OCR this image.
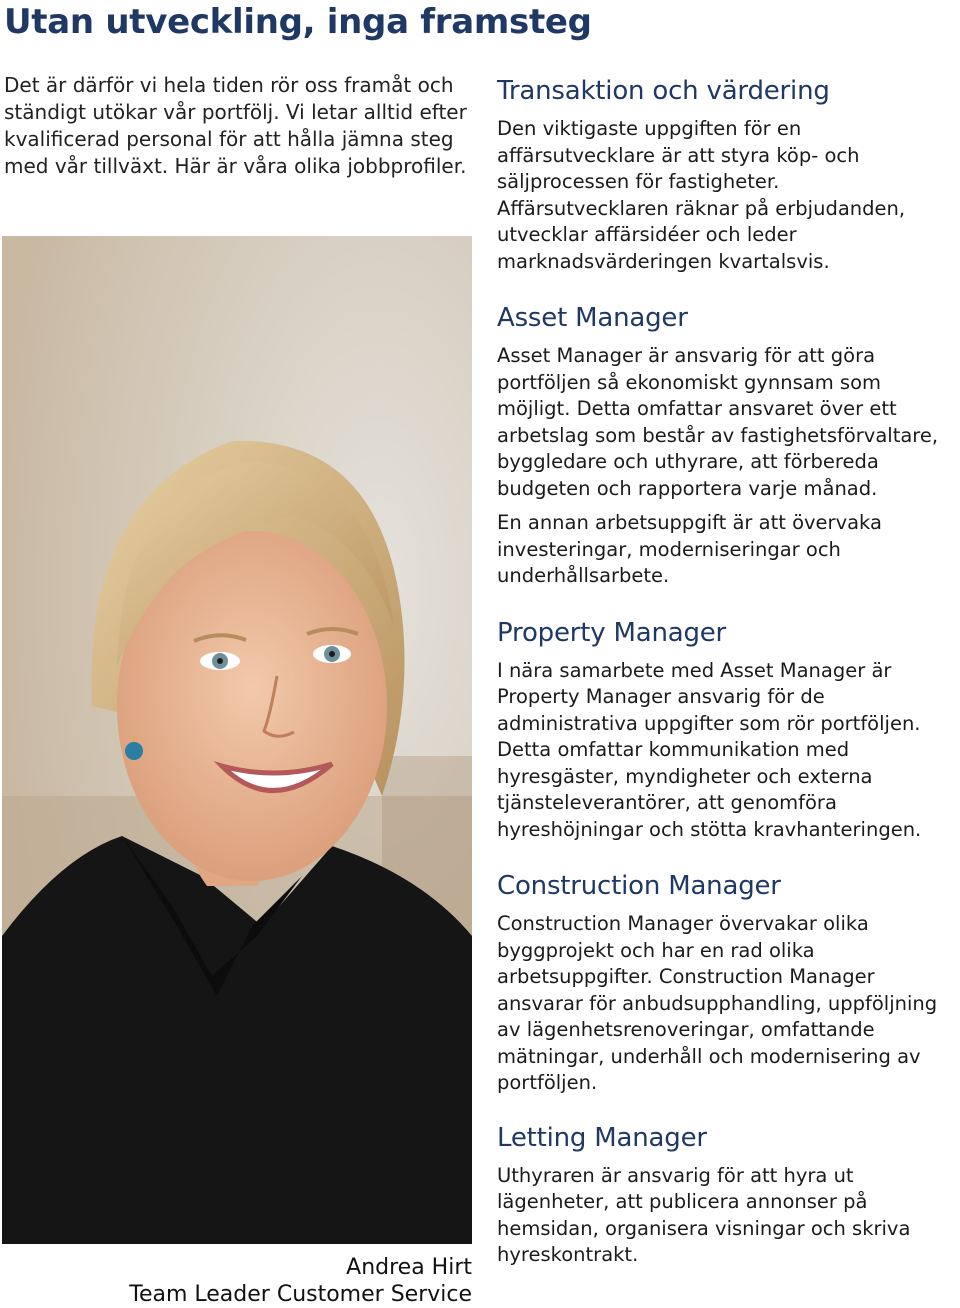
Utan utveckling, inga framsteg
Det är därför vi hela tiden rör oss framåt och ständigt utökar vår portfölj. Vi letar alltid efter kvalificerad personal för att hålla jämna steg med vår tillväxt. Här är våra olika jobbprofiler.
Andrea Hirt
Team Leader Customer Service
Transaktion och värdering

Den viktigaste uppgiften för en affärsutvecklare är att styra köp- och säljprocessen för fastigheter. Affärsutvecklaren räknar på erbjudanden, utvecklar affärsidéer och leder marknadsvärderingen kvartalsvis.

Asset Manager

Asset Manager är ansvarig för att göra portföljen så ekonomiskt gynnsam som möjligt. Detta omfattar ansvaret över ett arbetslag som består av fastighetsförvaltare, byggledare och uthyrare, att förbereda budgeten och rapportera varje månad.

En annan arbetsuppgift är att övervaka investeringar, moderniseringar och underhållsarbete.

Property Manager

I nära samarbete med Asset Manager är Property Manager ansvarig för de administrativa uppgifter som rör portföljen. Detta omfattar kommunikation med hyresgäster, myndigheter och externa tjänsteleverantörer, att genomföra hyreshöjningar och stötta kravhanteringen.

Construction Manager

Construction Manager övervakar olika byggprojekt och har en rad olika arbetsuppgifter. Construction Manager ansvarar för anbudsupphandling, uppföljning av lägenhetsrenoveringar, omfattande mätningar, underhåll och modernisering av portföljen.

Letting Manager

Uthyraren är ansvarig för att hyra ut lägenheter, att publicera annonser på hemsidan, organisera visningar och skriva hyreskontrakt.
